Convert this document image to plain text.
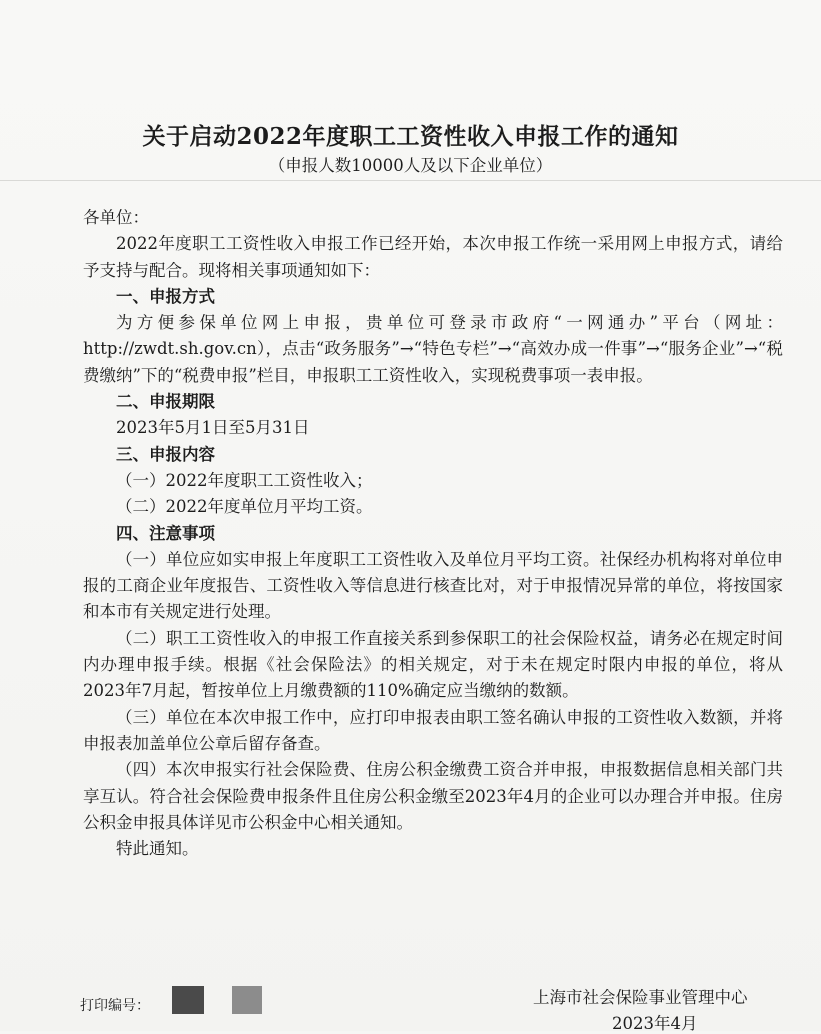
关于启动2022年度职工工资性收入申报工作的通知
（申报人数10000人及以下企业单位）

各单位：

2022年度职工工资性收入申报工作已经开始，本次申报工作统一采用网上申报方式，请给予支持与配合。现将相关事项通知如下：

一、申报方式

为方便参保单位网上申报，贵单位可登录市政府“一网通办”平台（网址：http://zwdt.sh.gov.cn），点击“政务服务”→“特色专栏”→“高效办成一件事”→“服务企业”→“税费缴纳”下的“税费申报”栏目，申报职工工资性收入，实现税费事项一表申报。

二、申报期限

2023年5月1日至5月31日

三、申报内容

（一）2022年度职工工资性收入；

（二）2022年度单位月平均工资。

四、注意事项

（一）单位应如实申报上年度职工工资性收入及单位月平均工资。社保经办机构将对单位申报的工商企业年度报告、工资性收入等信息进行核查比对，对于申报情况异常的单位，将按国家和本市有关规定进行处理。

（二）职工工资性收入的申报工作直接关系到参保职工的社会保险权益，请务必在规定时间内办理申报手续。根据《社会保险法》的相关规定，对于未在规定时限内申报的单位，将从2023年7月起，暂按单位上月缴费额的110%确定应当缴纳的数额。

（三）单位在本次申报工作中，应打印申报表由职工签名确认申报的工资性收入数额，并将申报表加盖单位公章后留存备查。

（四）本次申报实行社会保险费、住房公积金缴费工资合并申报，申报数据信息相关部门共享互认。符合社会保险费申报条件且住房公积金缴至2023年4月的企业可以办理合并申报。住房公积金申报具体详见市公积金中心相关通知。

特此通知。

打印编号：	上海市社会保险事业管理中心
2023年4月
